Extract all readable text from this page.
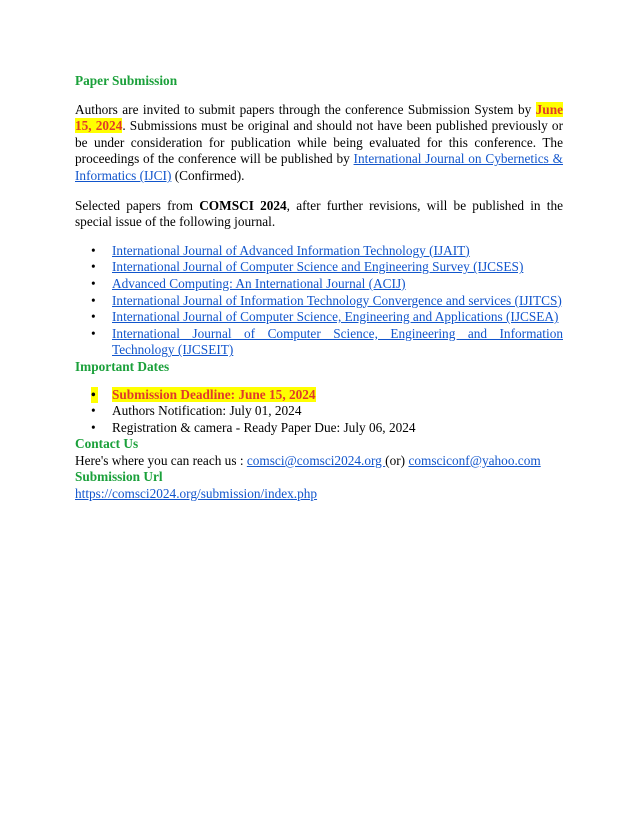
Paper Submission

Authors are invited to submit papers through the conference Submission System by June 15, 2024. Submissions must be original and should not have been published previously or be under consideration for publication while being evaluated for this conference. The proceedings of the conference will be published by International Journal on Cybernetics & Informatics (IJCI) (Confirmed).

Selected papers from COMSCI 2024, after further revisions, will be published in the special issue of the following journal.

• International Journal of Advanced Information Technology (IJAIT)
• International Journal of Computer Science and Engineering Survey (IJCSES)
• Advanced Computing: An International Journal (ACIJ)
• International Journal of Information Technology Convergence and services (IJITCS)
• International Journal of Computer Science, Engineering and Applications (IJCSEA)
• International Journal of Computer Science, Engineering and Information Technology (IJCSEIT)
Important Dates
• Submission Deadline: June 15, 2024
• Authors Notification: July 01, 2024
• Registration & camera - Ready Paper Due: July 06, 2024
Contact Us

Here's where you can reach us : comsci@comsci2024.org (or) comsciconf@yahoo.com

Submission Url

https://comsci2024.org/submission/index.php
